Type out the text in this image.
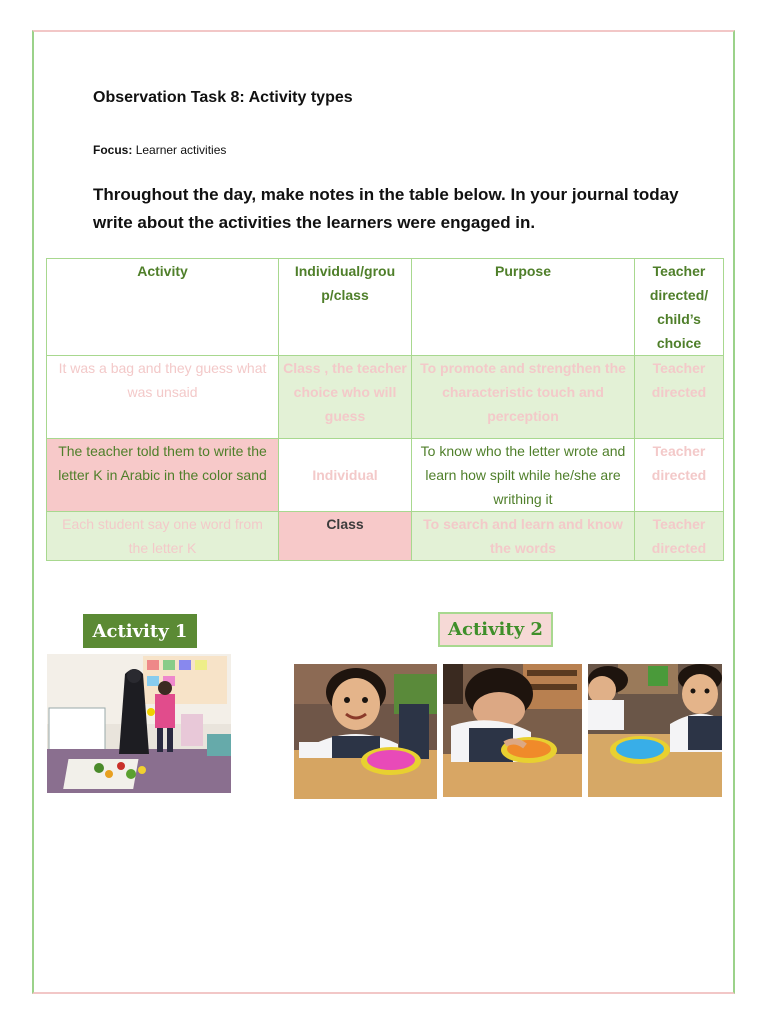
Observation Task 8: Activity types
Focus: Learner activities
Throughout the day, make notes in the table below. In your journal today write about the activities the learners were engaged in.
Activity	Individual/grou p/class	Purpose	Teacher directed/ child’s choice
It was a bag and they guess what was unsaid	Class , the teacher choice who will guess	To promote and strengthen the characteristic touch and perception	Teacher directed
The teacher told them to write the letter K in Arabic in the color sand	Individual	To know who the letter wrote and learn how spilt while he/she are writhing it	Teacher directed
Each student say one word from the letter K	Class	To search and learn and know the words	Teacher directed
Activity 1	Activity 2
